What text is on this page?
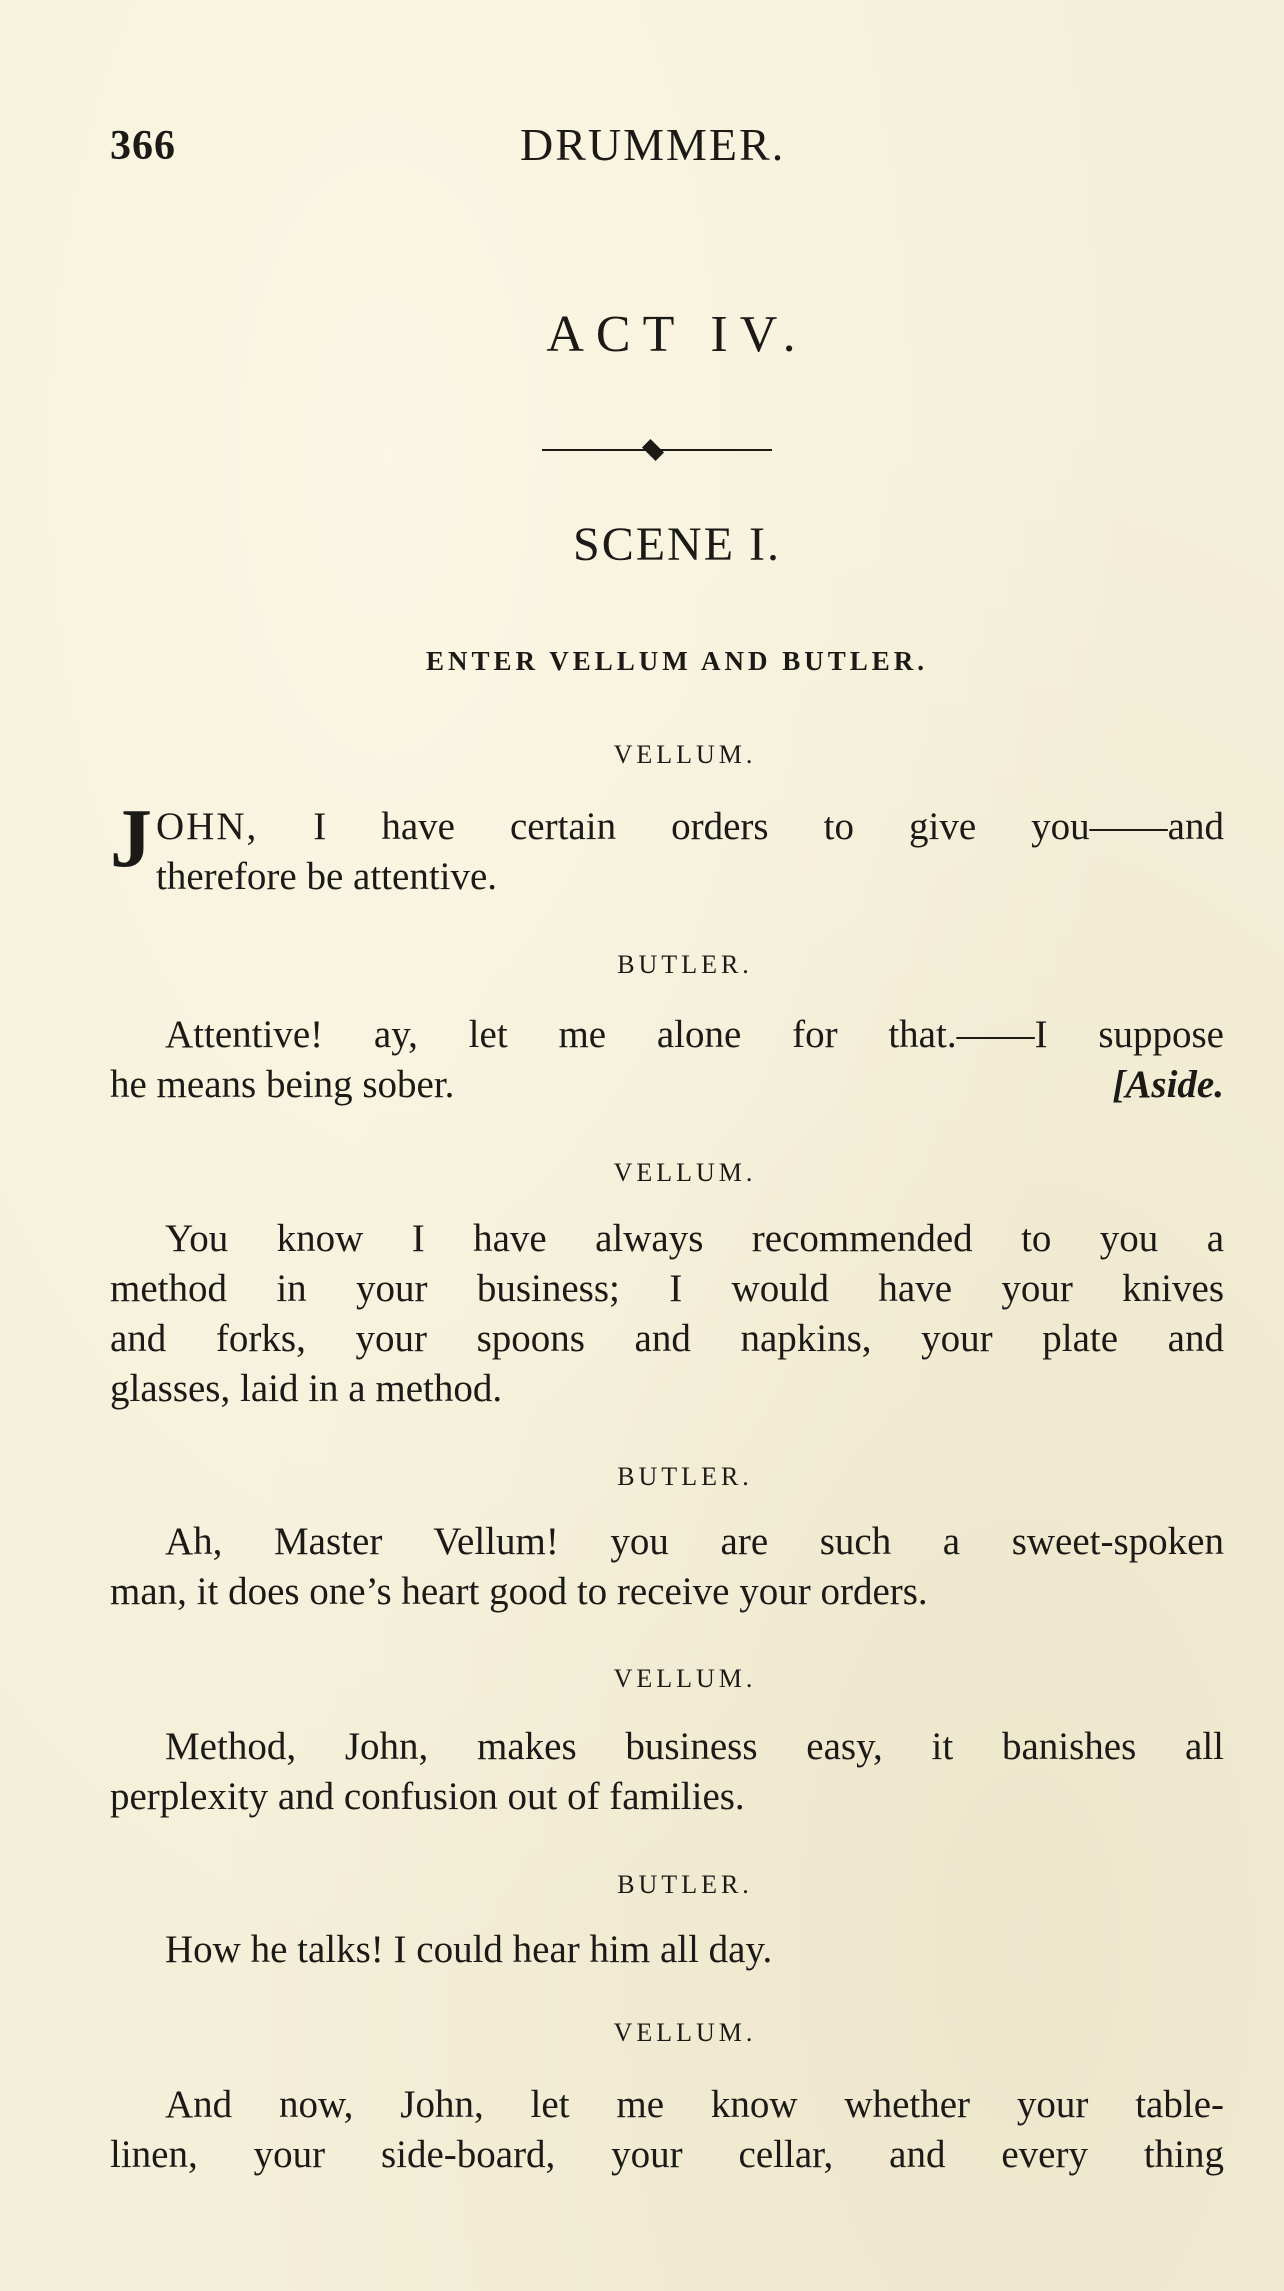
366	DRUMMER.
ACT IV.
SCENE I.
ENTER VELLUM AND BUTLER.
VELLUM.
JOHN, I have certain orders to give you——and
therefore be attentive.
BUTLER.
Attentive! ay, let me alone for that.——I suppose
he means being sober.	[Aside.
VELLUM.
You know I have always recommended to you a
method in your business; I would have your knives
and forks, your spoons and napkins, your plate and
glasses, laid in a method.
BUTLER.
Ah, Master Vellum! you are such a sweet-spoken
man, it does one’s heart good to receive your orders.
VELLUM.
Method, John, makes business easy, it banishes all
perplexity and confusion out of families.
BUTLER.
How he talks! I could hear him all day.
VELLUM.
And now, John, let me know whether your table-
linen, your side-board, your cellar, and every thing
